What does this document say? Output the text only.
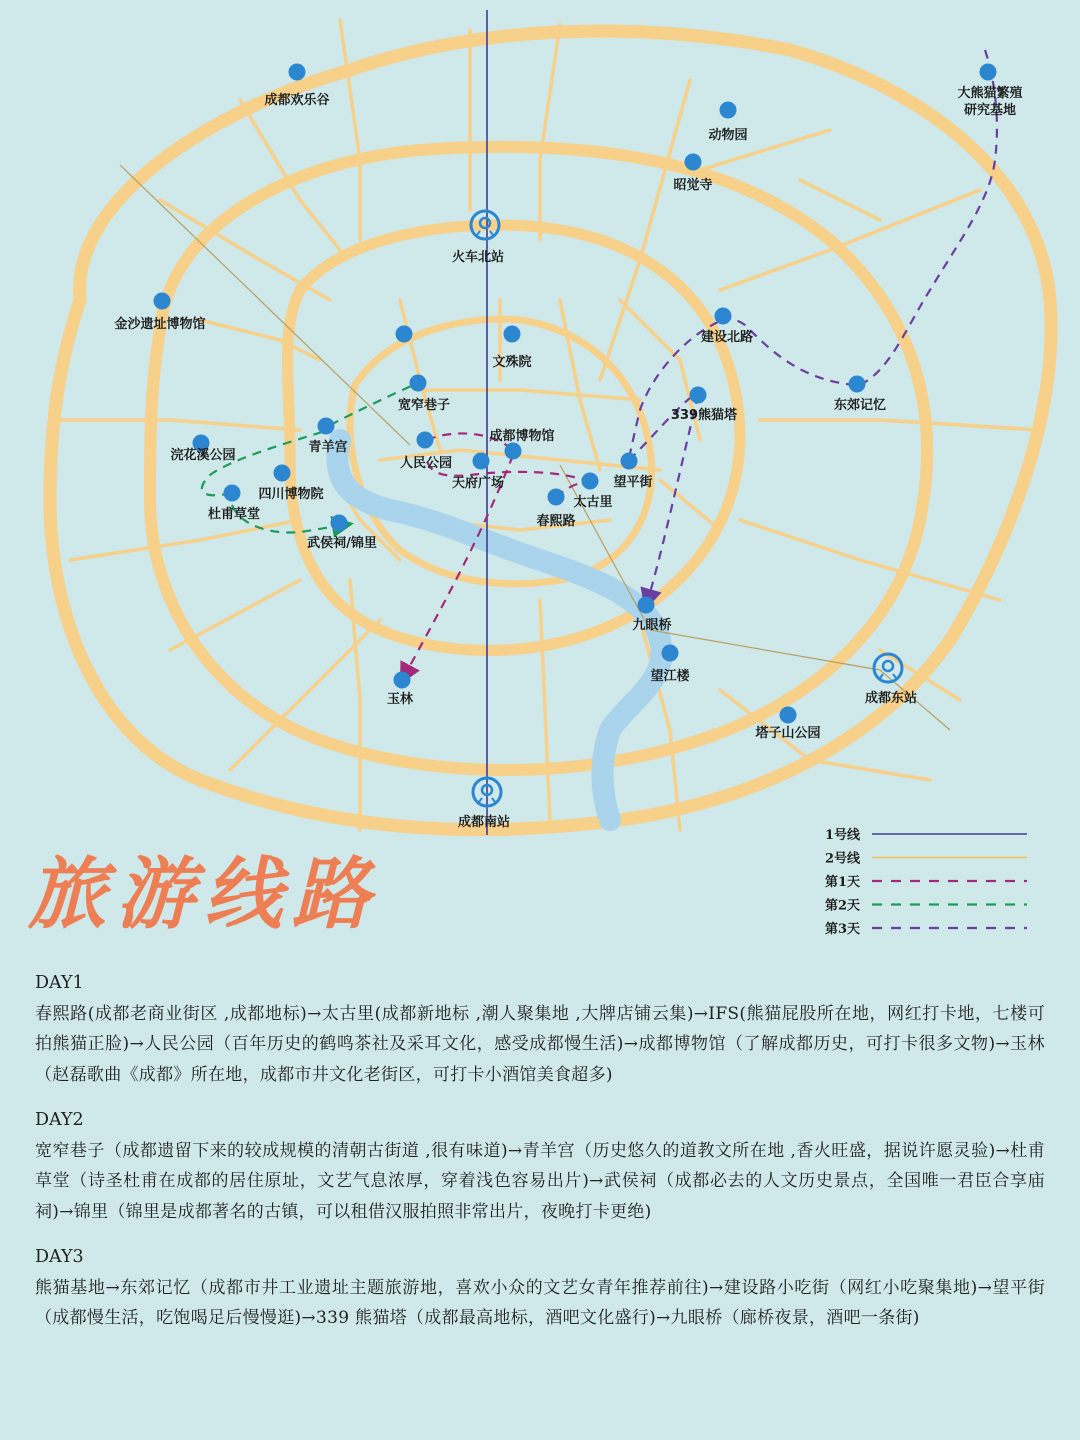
成都欢乐谷	大熊猫繁殖
研究基地
动物园
昭觉寺
火车北站
金沙遗址博物馆
文殊院
建设北路
东郊记忆
宽窄巷子
339熊猫塔
青羊宫
成都博物馆
浣花溪公园
人民公园
天府广场	望平街
四川博物院
太古里
杜甫草堂	春熙路
武侯祠/锦里
九眼桥
望江楼
成都东站
玉林
塔子山公园
成都南站
1号线
2号线
第1天
第2天
第3天
旅游线路

DAY1

春熙路(成都老商业街区 ,成都地标)→太古里(成都新地标 ,潮人聚集地 ,大牌店铺云集)→IFS(熊猫屁股所在地，网红打卡地，七楼可拍熊猫正脸)→人民公园（百年历史的鹤鸣茶社及采耳文化，感受成都慢生活)→成都博物馆（了解成都历史，可打卡很多文物)→玉林（赵磊歌曲《成都》所在地，成都市井文化老街区，可打卡小酒馆美食超多)

DAY2

宽窄巷子（成都遗留下来的较成规模的清朝古街道 ,很有味道)→青羊宫（历史悠久的道教文所在地 ,香火旺盛，据说许愿灵验)→杜甫草堂（诗圣杜甫在成都的居住原址，文艺气息浓厚，穿着浅色容易出片)→武侯祠（成都必去的人文历史景点，全国唯一君臣合享庙祠)→锦里（锦里是成都著名的古镇，可以租借汉服拍照非常出片，夜晚打卡更绝)

DAY3

熊猫基地→东郊记忆（成都市井工业遗址主题旅游地，喜欢小众的文艺女青年推荐前往)→建设路小吃街（网红小吃聚集地)→望平街（成都慢生活，吃饱喝足后慢慢逛)→339 熊猫塔（成都最高地标，酒吧文化盛行)→九眼桥（廊桥夜景，酒吧一条街)
